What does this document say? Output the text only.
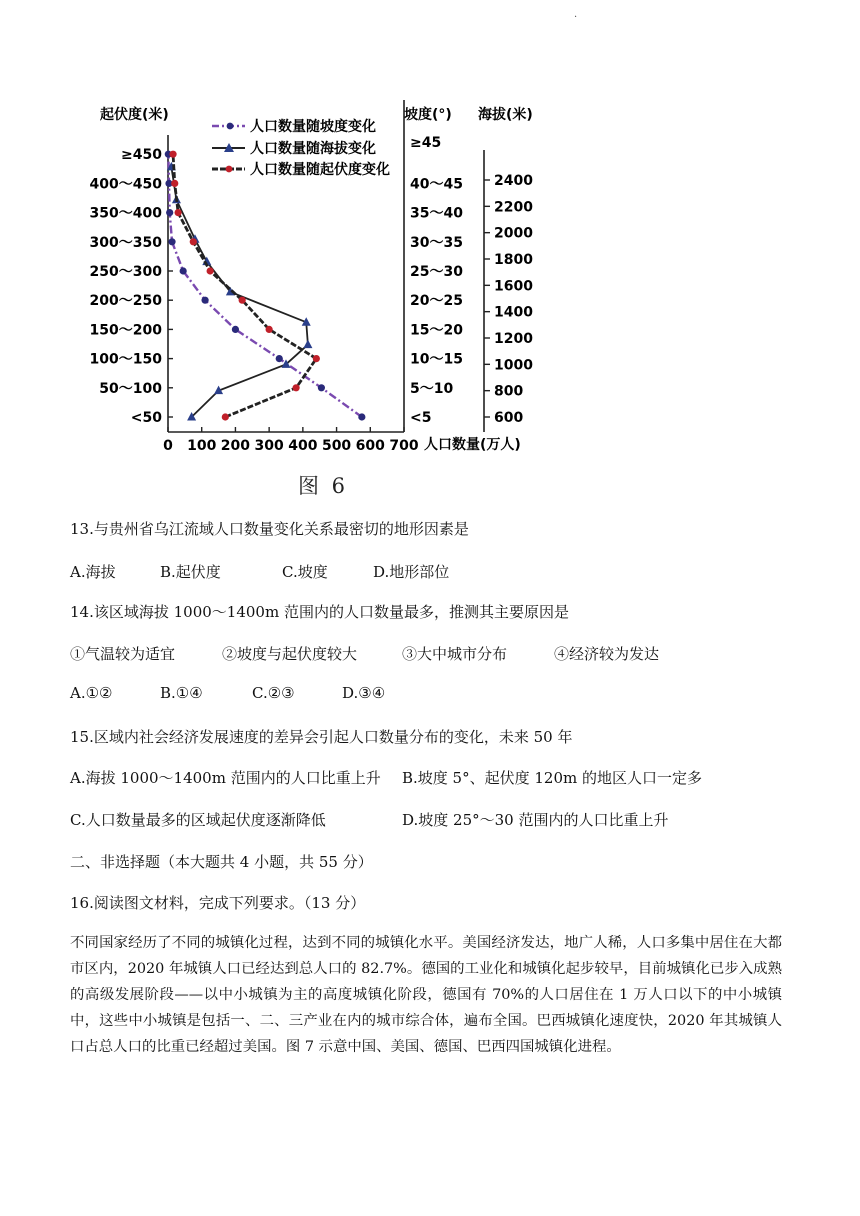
·
起伏度(米)	坡度(°) 海拔(米)
人口数量(万人)
0 100 200 300 400 500 600 700
<50
50～100
100～150
150～200
200～250
250～300
300～350
350～400
400～450
≥450
<5
5～10
10～15
15～20
20～25
25～30
30～35
35～40
40～45
≥45
600
800
1000
1200
1400
1600
1800
2000
2200
2400
人口数量随坡度变化
人口数量随海拔变化
人口数量随起伏度变化
图 6
13.与贵州省乌江流域人口数量变化关系最密切的地形因素是
A.海拔	B.起伏度	C.坡度	D.地形部位
14.该区域海拔 1000～1400m 范围内的人口数量最多，推测其主要原因是
①气温较为适宜	②坡度与起伏度较大	③大中城市分布	④经济较为发达
A.①②	B.①④	C.②③	D.③④
15.区域内社会经济发展速度的差异会引起人口数量分布的变化，未来 50 年
A.海拔 1000～1400m 范围内的人口比重上升 B.坡度 5°、起伏度 120m 的地区人口一定多
C.人口数量最多的区域起伏度逐渐降低	D.坡度 25°～30 范围内的人口比重上升
二、非选择题（本大题共 4 小题，共 55 分）
16.阅读图文材料，完成下列要求。（13 分）
不同国家经历了不同的城镇化过程，达到不同的城镇化水平。美国经济发达，地广人稀，人口多集中居住在大都市区内，2020 年城镇人口已经达到总人口的 82.7%。德国的工业化和城镇化起步较早，目前城镇化已步入成熟的高级发展阶段——以中小城镇为主的高度城镇化阶段，德国有 70%的人口居住在 1 万人口以下的中小城镇中，这些中小城镇是包括一、二、三产业在内的城市综合体，遍布全国。巴西城镇化速度快，2020 年其城镇人口占总人口的比重已经超过美国。图 7 示意中国、美国、德国、巴西四国城镇化进程。
